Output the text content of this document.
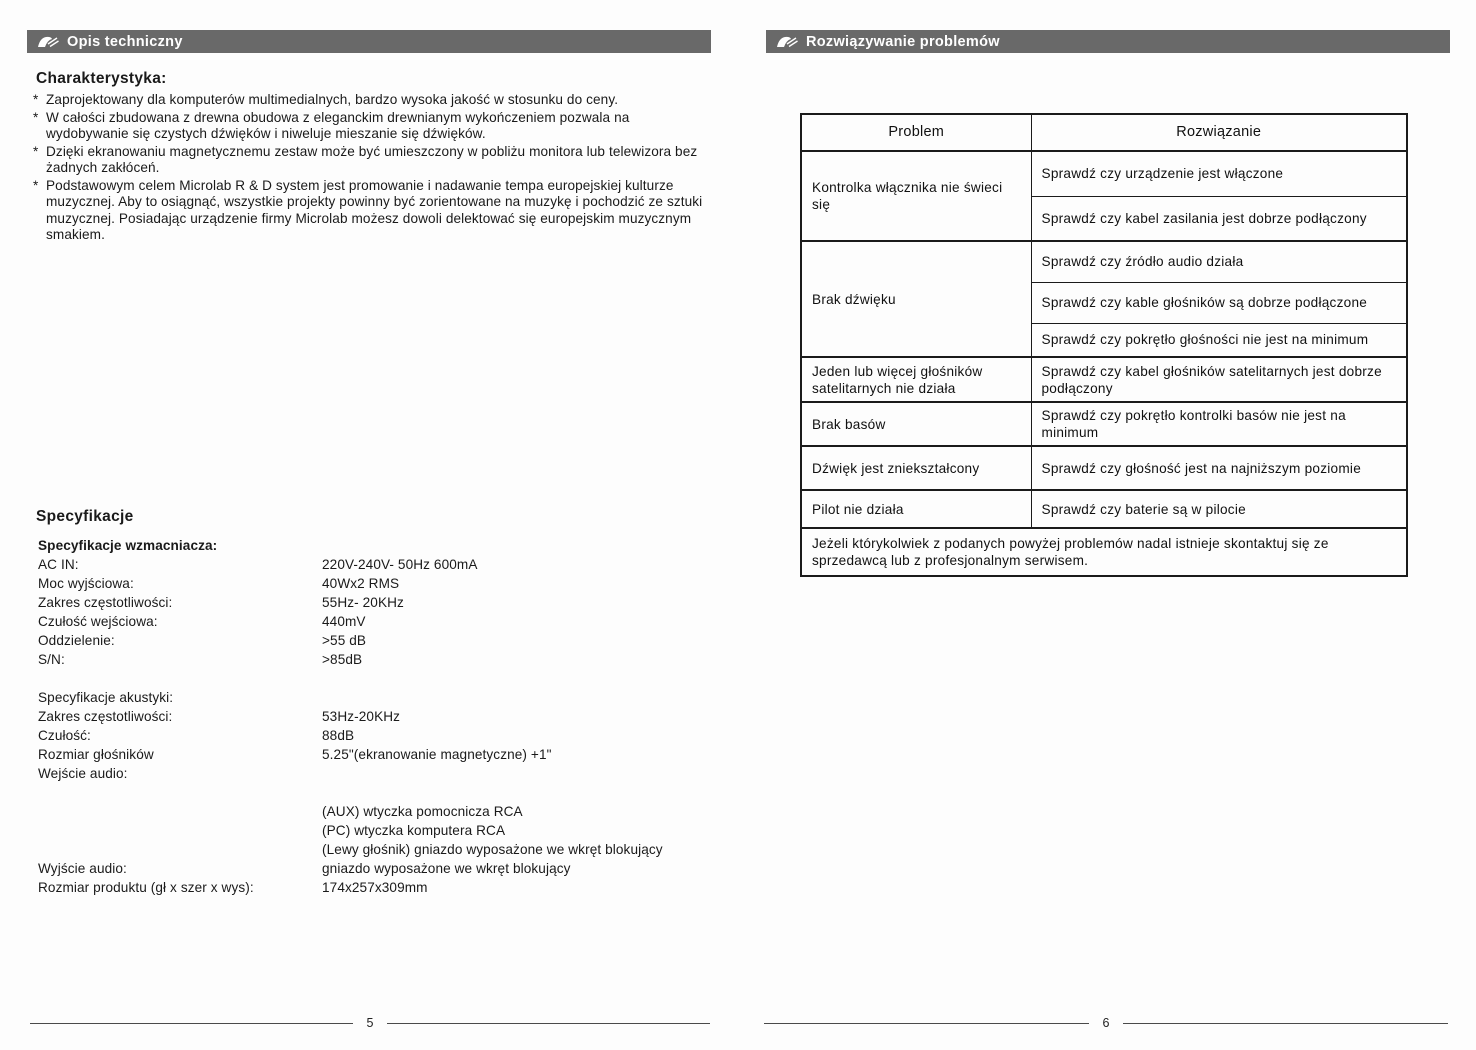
Opis techniczny
Charakterystyka:
* Zaprojektowany dla komputerów multimedialnych, bardzo wysoka jakość w stosunku do ceny.
* W całości zbudowana z drewna obudowa z eleganckim drewnianym wykończeniem pozwala na wydobywanie się czystych dźwięków i niweluje mieszanie się dźwięków.
* Dzięki ekranowaniu magnetycznemu zestaw może być umieszczony w pobliżu monitora lub telewizora bez żadnych zakłóceń.
* Podstawowym celem Microlab R & D system jest promowanie i nadawanie tempa europejskiej kulturze muzycznej. Aby to osiągnąć, wszystkie projekty powinny być zorientowane na muzykę i pochodzić ze sztuki muzycznej. Posiadając urządzenie firmy Microlab możesz dowoli delektować się europejskim muzycznym smakiem.
Specyfikacje
Specyfikacje wzmacniacza:
AC IN:	220V-240V- 50Hz 600mA
Moc wyjściowa:	40Wx2 RMS
Zakres częstotliwości:	55Hz- 20KHz
Czułość wejściowa:	440mV
Oddzielenie:	>55 dB
S/N:	>85dB
Specyfikacje akustyki:
Zakres częstotliwości:	53Hz-20KHz
Czułość:	88dB
Rozmiar głośników	5.25"(ekranowanie magnetyczne) +1"
Wejście audio:
(AUX) wtyczka pomocnicza RCA
(PC) wtyczka komputera RCA
(Lewy głośnik) gniazdo wyposażone we wkręt blokujący
Wyjście audio:	gniazdo wyposażone we wkręt blokujący
Rozmiar produktu (gł x szer x wys):	174x257x309mm
5
Rozwiązywanie problemów
Problem	Rozwiązanie
Kontrolka włącznika nie świeci się	Sprawdź czy urządzenie jest włączone
	Sprawdź czy kabel zasilania jest dobrze podłączony
Brak dźwięku	Sprawdź czy źródło audio działa
	Sprawdź czy kable głośników są dobrze podłączone
	Sprawdź czy pokrętło głośności nie jest na minimum
Jeden lub więcej głośników satelitarnych nie działa	Sprawdź czy kabel głośników satelitarnych jest dobrze podłączony
Brak basów	Sprawdź czy pokrętło kontrolki basów nie jest na minimum
Dźwięk jest zniekształcony	Sprawdź czy głośność jest na najniższym poziomie
Pilot nie działa	Sprawdź czy baterie są w pilocie
Jeżeli którykolwiek z podanych powyżej problemów nadal istnieje skontaktuj się ze sprzedawcą lub z profesjonalnym serwisem.	
6
